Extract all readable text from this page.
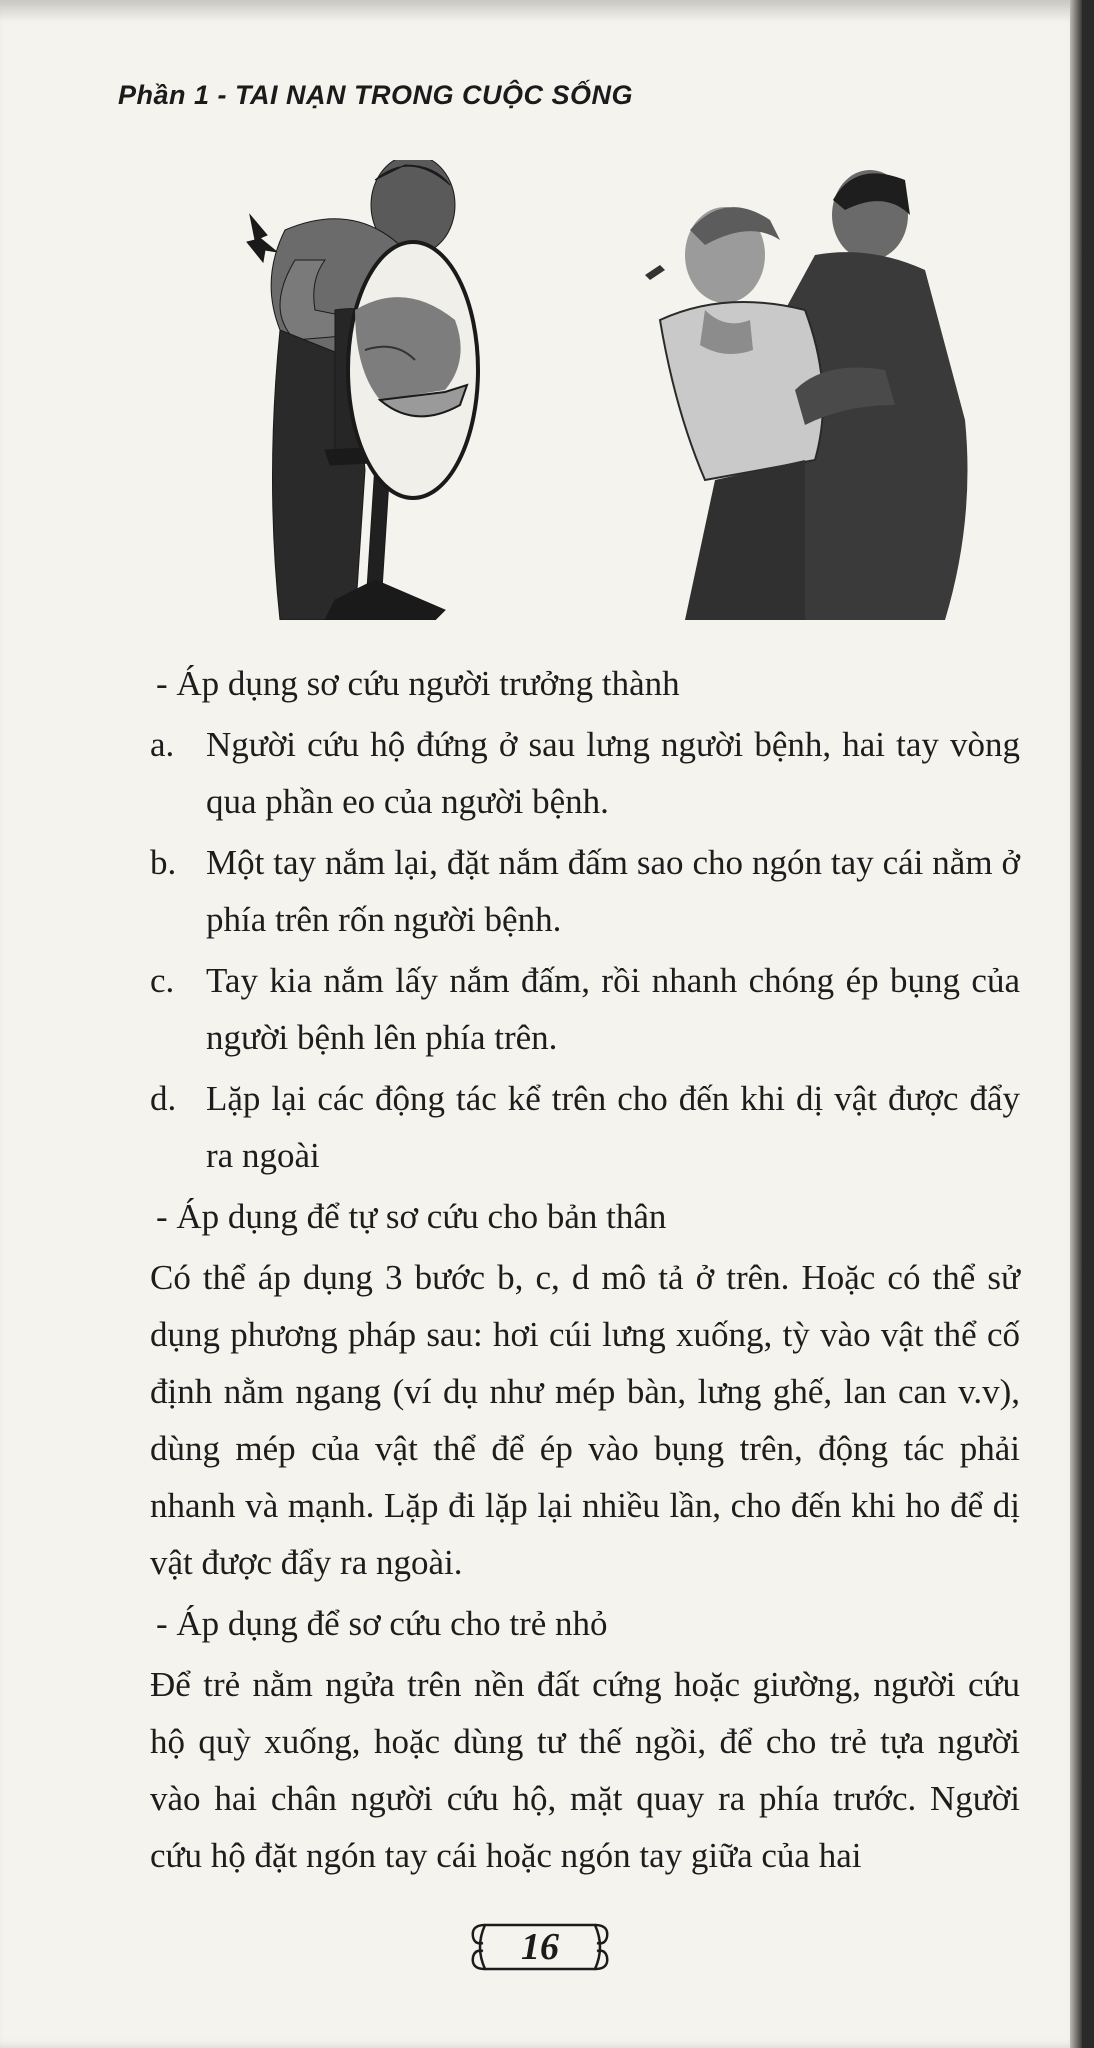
Phần 1 - TAI NẠN TRONG CUỘC SỐNG

- Áp dụng sơ cứu người trưởng thành

a. Người cứu hộ đứng ở sau lưng người bệnh, hai tay vòng qua phần eo của người bệnh.
b. Một tay nắm lại, đặt nắm đấm sao cho ngón tay cái nằm ở phía trên rốn người bệnh.
c. Tay kia nắm lấy nắm đấm, rồi nhanh chóng ép bụng của người bệnh lên phía trên.
d. Lặp lại các động tác kể trên cho đến khi dị vật được đẩy ra ngoài

- Áp dụng để tự sơ cứu cho bản thân

Có thể áp dụng 3 bước b, c, d mô tả ở trên. Hoặc có thể sử dụng phương pháp sau: hơi cúi lưng xuống, tỳ vào vật thể cố định nằm ngang (ví dụ như mép bàn, lưng ghế, lan can v.v), dùng mép của vật thể để ép vào bụng trên, động tác phải nhanh và mạnh. Lặp đi lặp lại nhiều lần, cho đến khi ho để dị vật được đẩy ra ngoài.

- Áp dụng để sơ cứu cho trẻ nhỏ

Để trẻ nằm ngửa trên nền đất cứng hoặc giường, người cứu hộ quỳ xuống, hoặc dùng tư thế ngồi, để cho trẻ tựa người vào hai chân người cứu hộ, mặt quay ra phía trước. Người cứu hộ đặt ngón tay cái hoặc ngón tay giữa của hai

16
